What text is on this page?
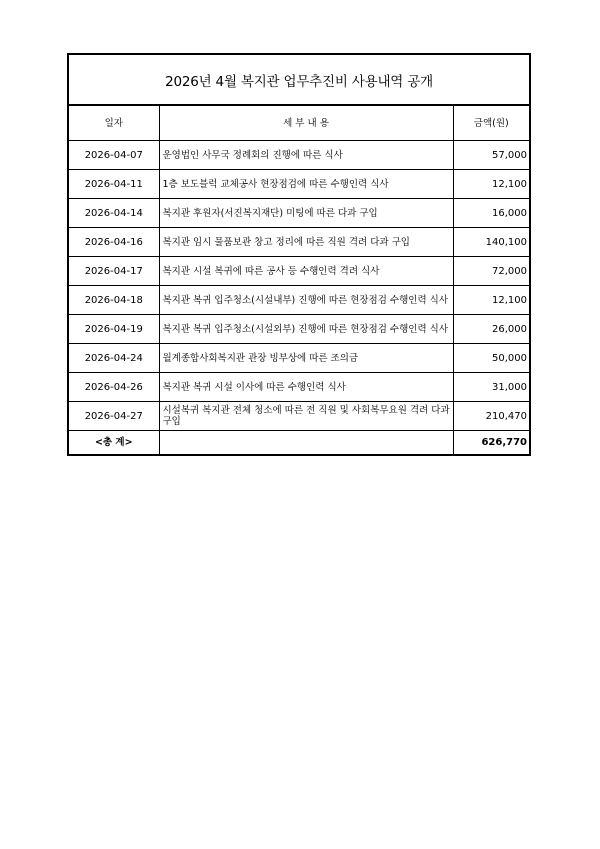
2026년 4월 복지관 업무추진비 사용내역 공개
일자	세 부 내 용	금액(원)
2026-04-07	운영법인 사무국 정례회의 진행에 따른 식사	57,000
2026-04-11	1층 보도블럭 교체공사 현장점검에 따른 수행인력 식사	12,100
2026-04-14	복지관 후원자(서진복지재단) 미팅에 따른 다과 구입	16,000
2026-04-16	복지관 임시 물품보관 창고 정리에 따른 직원 격려 다과 구입	140,100
2026-04-17	복지관 시설 복귀에 따른 공사 등 수행인력 격려 식사	72,000
2026-04-18	복지관 복귀 입주청소(시설내부) 진행에 따른 현장점검 수행인력 식사	12,100
2026-04-19	복지관 복귀 입주청소(시설외부) 진행에 따른 현장점검 수행인력 식사	26,000
2026-04-24	월계종합사회복지관 관장 빙부상에 따른 조의금	50,000
2026-04-26	복지관 복귀 시설 이사에 따른 수행인력 식사	31,000
2026-04-27	시설복귀 복지관 전체 청소에 따른 전 직원 및 사회복무요원 격려 다과구입	210,470
<총 계>		626,770
